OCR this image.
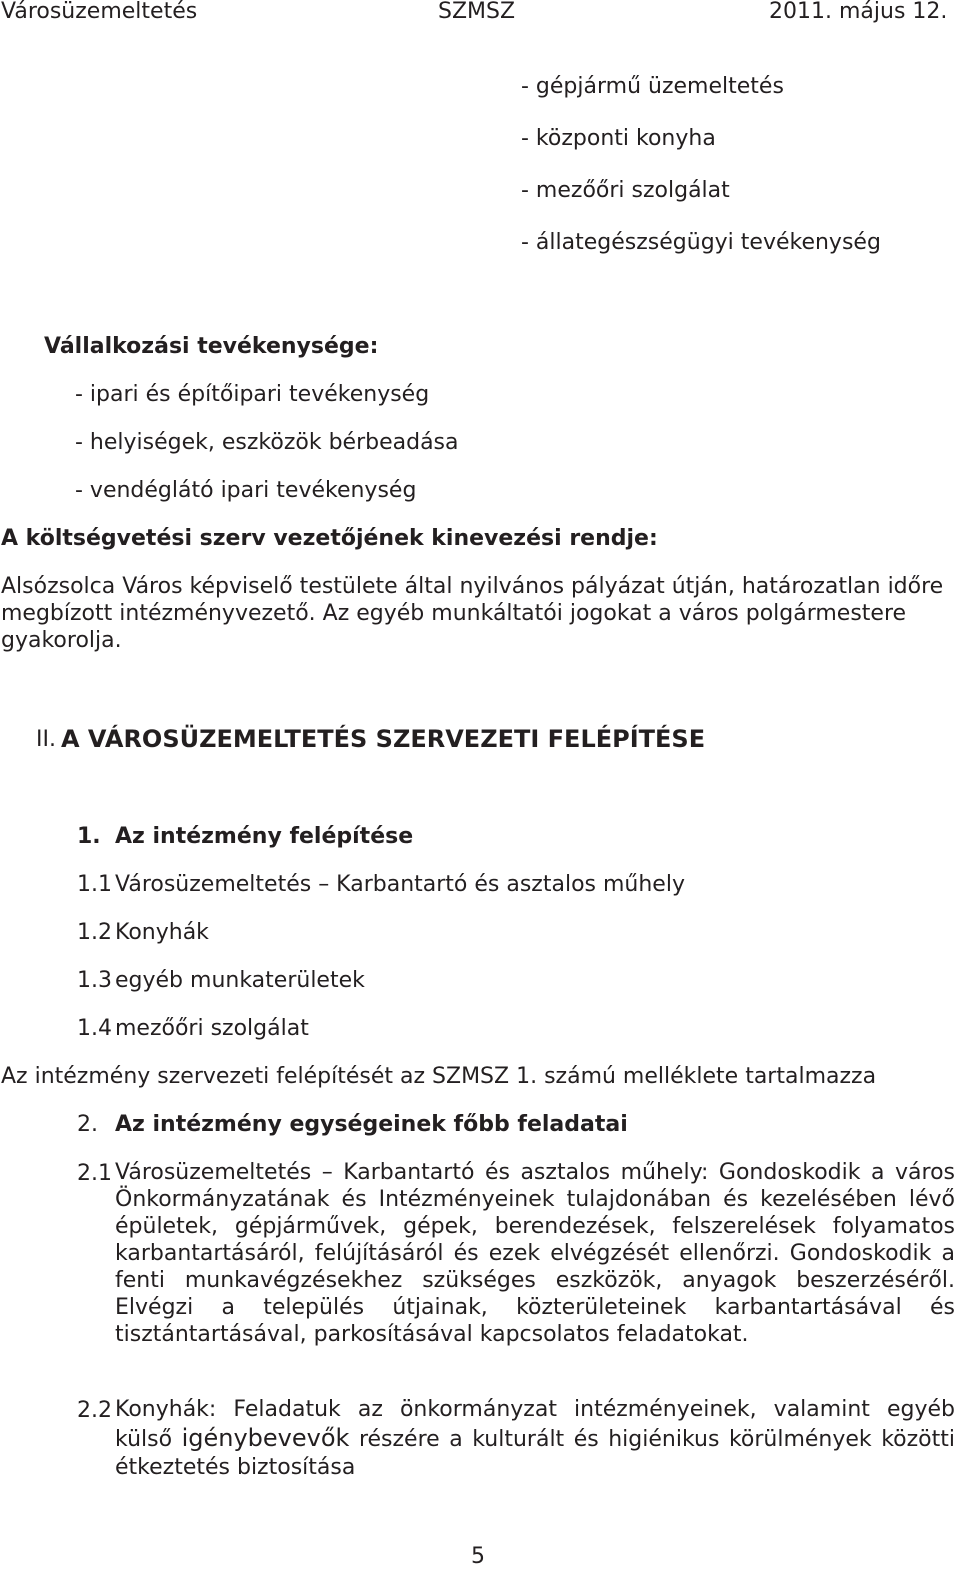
Városüzemeltetés	SZMSZ	2011. május 12.
- gépjármű üzemeltetés
- központi konyha
- mezőőri szolgálat
- állategészségügyi tevékenység
Vállalkozási tevékenysége:
- ipari és építőipari tevékenység
- helyiségek, eszközök bérbeadása
- vendéglátó ipari tevékenység
A költségvetési szerv vezetőjének kinevezési rendje:
Alsózsolca Város képviselő testülete által nyilvános pályázat útján, határozatlan időre megbízott intézményvezető. Az egyéb munkáltatói jogokat a város polgármestere gyakorolja.
II. A VÁROSÜZEMELTETÉS SZERVEZETI FELÉPÍTÉSE
1. Az intézmény felépítése
1.1 Városüzemeltetés – Karbantartó és asztalos műhely
1.2 Konyhák
1.3 egyéb munkaterületek
1.4 mezőőri szolgálat
Az intézmény szervezeti felépítését az SZMSZ 1. számú melléklete tartalmazza
2. Az intézmény egységeinek főbb feladatai
2.1 Városüzemeltetés – Karbantartó és asztalos műhely: Gondoskodik a város Önkormányzatának és Intézményeinek tulajdonában és kezelésében lévő épületek, gépjárművek, gépek, berendezések, felszerelések folyamatos karbantartásáról, felújításáról és ezek elvégzését ellenőrzi. Gondoskodik a fenti munkavégzésekhez szükséges eszközök, anyagok beszerzéséről. Elvégzi a település útjainak, közterületeinek karbantartásával és tisztántartásával, parkosításával kapcsolatos feladatokat.
2.2 Konyhák: Feladatuk az önkormányzat intézményeinek, valamint egyéb külső igénybevevők részére a kulturált és higiénikus körülmények közötti étkeztetés biztosítása
5
